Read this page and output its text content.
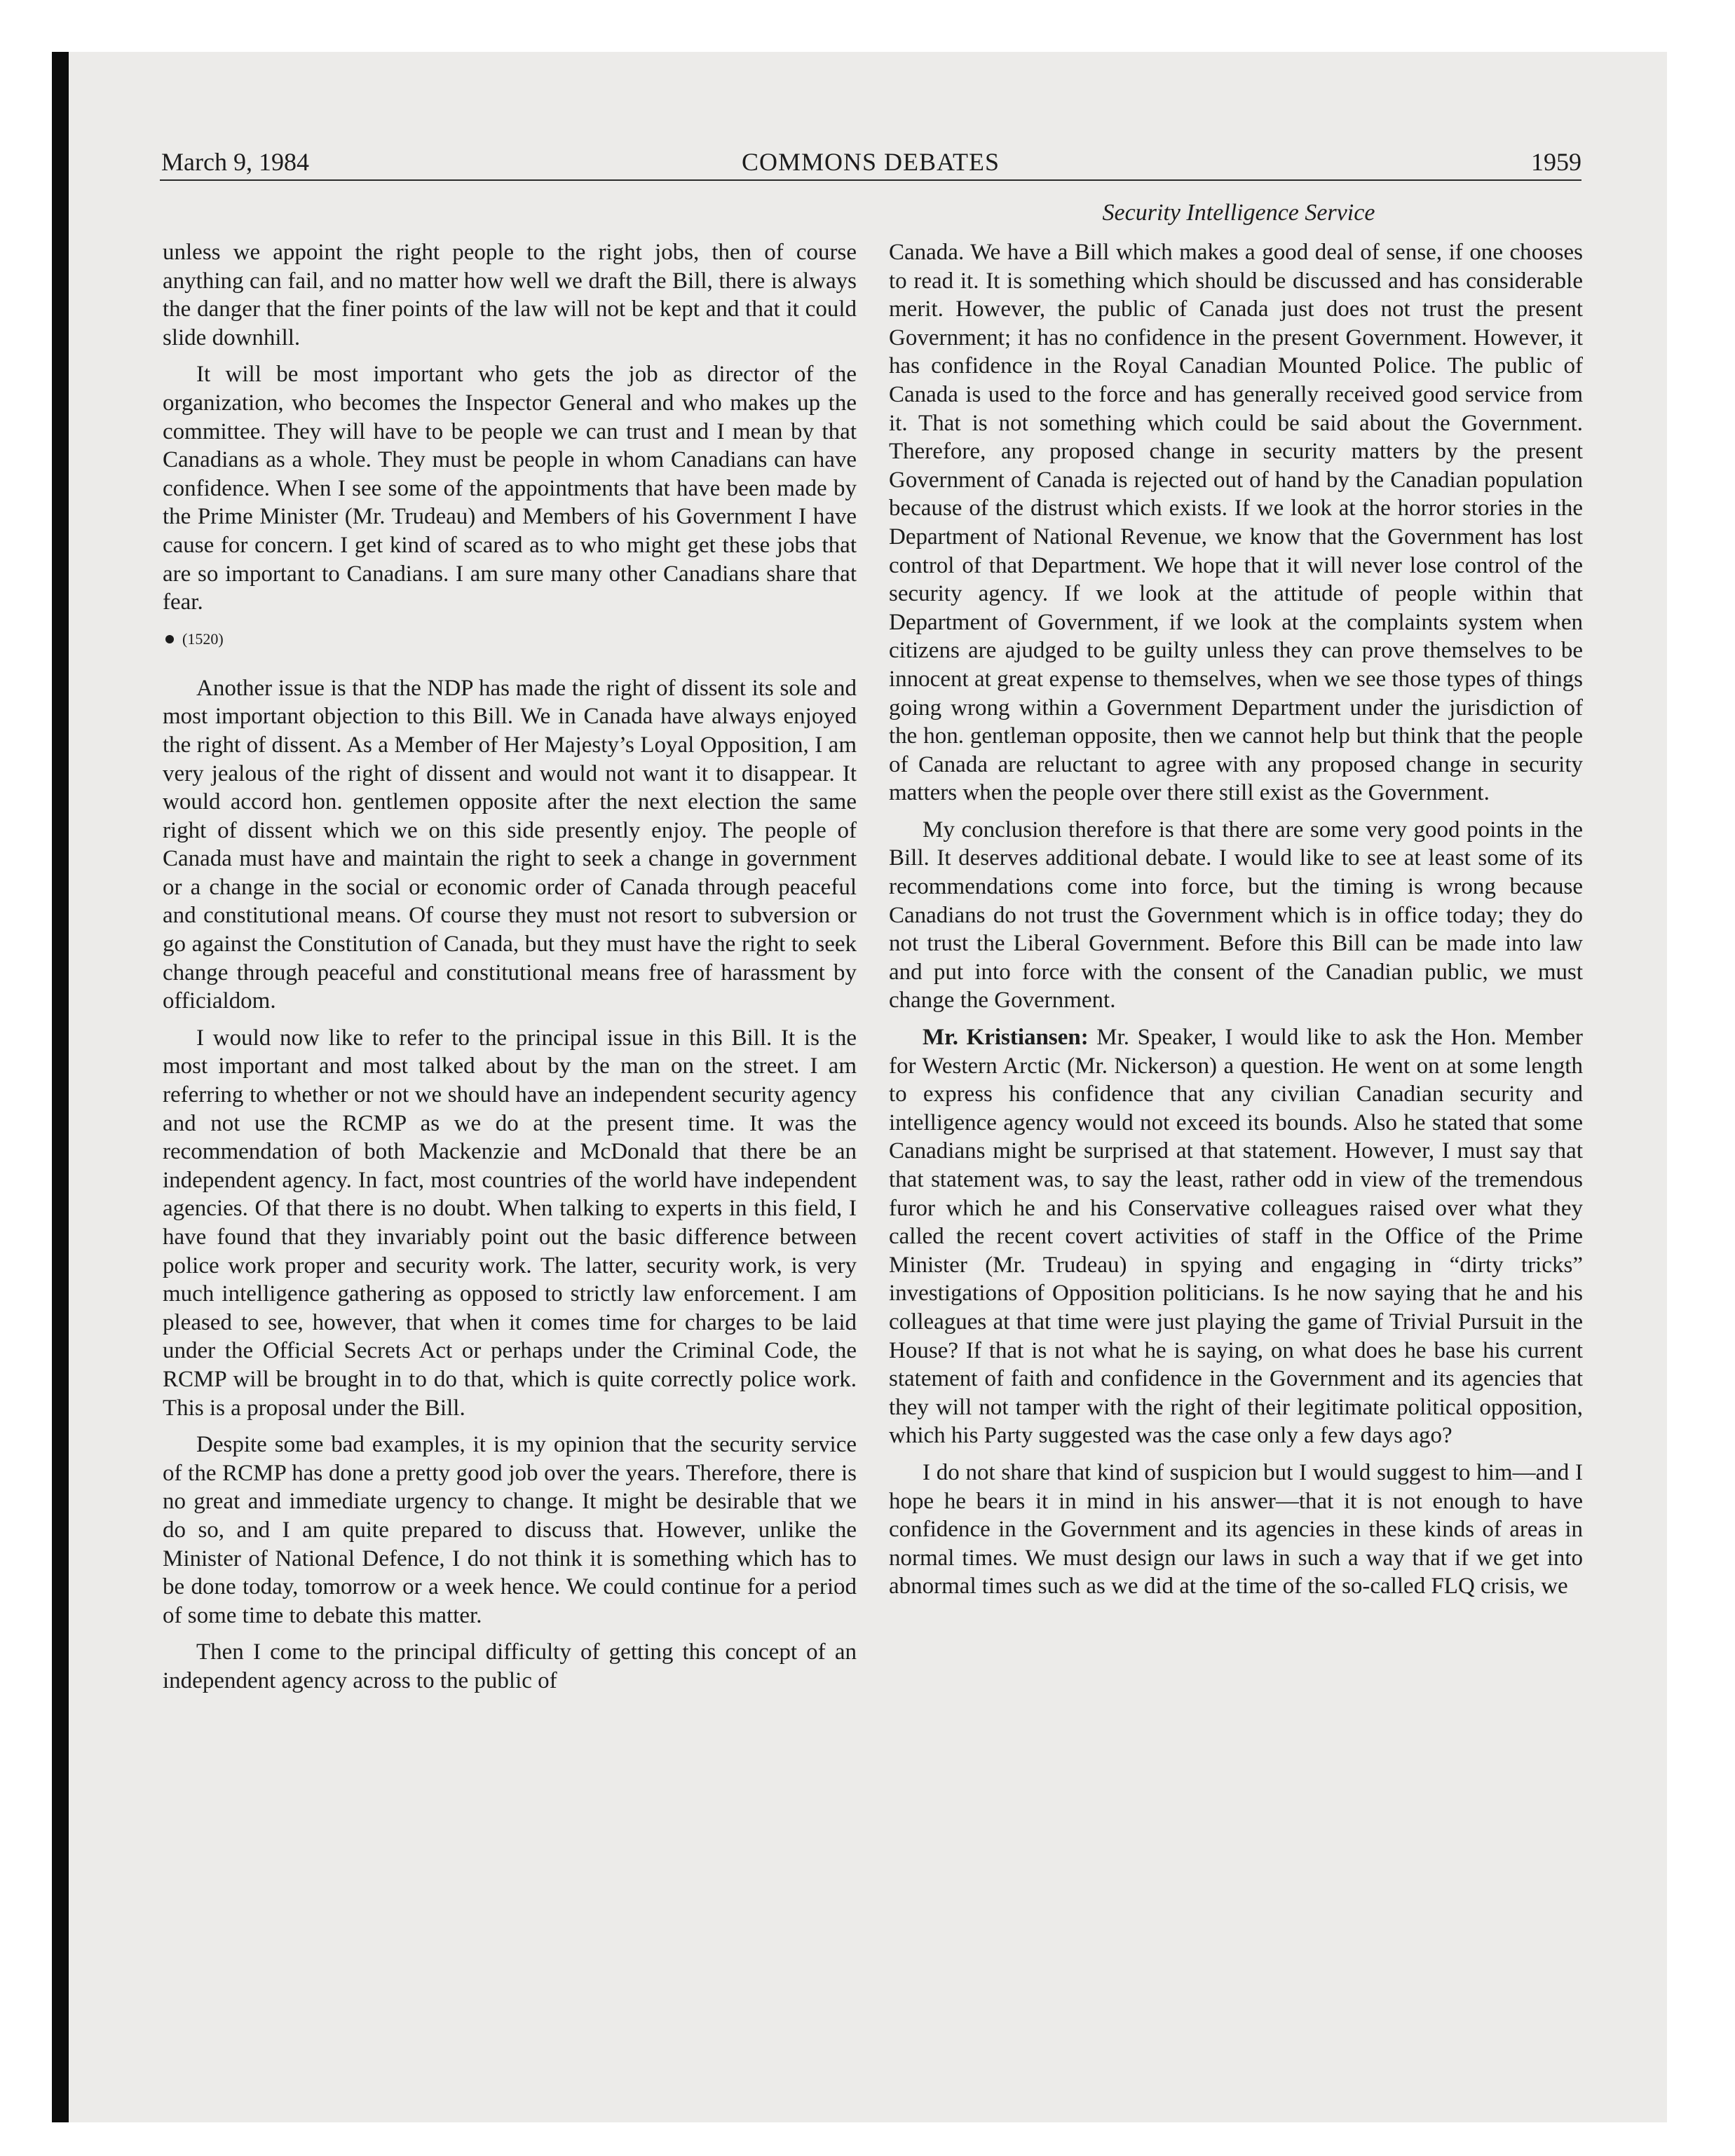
March 9, 1984	COMMONS DEBATES	1959
Security Intelligence Service

unless we appoint the right people to the right jobs, then of course anything can fail, and no matter how well we draft the Bill, there is always the danger that the finer points of the law will not be kept and that it could slide downhill.

It will be most important who gets the job as director of the organization, who becomes the Inspector General and who makes up the committee. They will have to be people we can trust and I mean by that Canadians as a whole. They must be people in whom Canadians can have confidence. When I see some of the appointments that have been made by the Prime Minister (Mr. Trudeau) and Members of his Government I have cause for concern. I get kind of scared as to who might get these jobs that are so important to Canadians. I am sure many other Canadians share that fear.

(1520)

Another issue is that the NDP has made the right of dissent its sole and most important objection to this Bill. We in Canada have always enjoyed the right of dissent. As a Member of Her Majesty’s Loyal Opposition, I am very jealous of the right of dissent and would not want it to disappear. It would accord hon. gentlemen opposite after the next election the same right of dissent which we on this side presently enjoy. The people of Canada must have and maintain the right to seek a change in government or a change in the social or economic order of Canada through peaceful and constitutional means. Of course they must not resort to subversion or go against the Constitution of Canada, but they must have the right to seek change through peaceful and constitutional means free of harassment by officialdom.

I would now like to refer to the principal issue in this Bill. It is the most important and most talked about by the man on the street. I am referring to whether or not we should have an independent security agency and not use the RCMP as we do at the present time. It was the recommendation of both Mackenzie and McDonald that there be an independent agency. In fact, most countries of the world have independent agencies. Of that there is no doubt. When talking to experts in this field, I have found that they invariably point out the basic difference between police work proper and security work. The latter, security work, is very much intelligence gathering as opposed to strictly law enforcement. I am pleased to see, however, that when it comes time for charges to be laid under the Official Secrets Act or perhaps under the Criminal Code, the RCMP will be brought in to do that, which is quite correctly police work. This is a proposal under the Bill.

Despite some bad examples, it is my opinion that the security service of the RCMP has done a pretty good job over the years. Therefore, there is no great and immediate urgency to change. It might be desirable that we do so, and I am quite prepared to discuss that. However, unlike the Minister of National Defence, I do not think it is something which has to be done today, tomorrow or a week hence. We could continue for a period of some time to debate this matter.

Then I come to the principal difficulty of getting this concept of an independent agency across to the public of

Canada. We have a Bill which makes a good deal of sense, if one chooses to read it. It is something which should be discussed and has considerable merit. However, the public of Canada just does not trust the present Government; it has no confidence in the present Government. However, it has confidence in the Royal Canadian Mounted Police. The public of Canada is used to the force and has generally received good service from it. That is not something which could be said about the Government. Therefore, any proposed change in security matters by the present Government of Canada is rejected out of hand by the Canadian population because of the distrust which exists. If we look at the horror stories in the Department of National Revenue, we know that the Government has lost control of that Department. We hope that it will never lose control of the security agency. If we look at the attitude of people within that Department of Government, if we look at the complaints system when citizens are ajudged to be guilty unless they can prove themselves to be innocent at great expense to themselves, when we see those types of things going wrong within a Government Department under the jurisdiction of the hon. gentleman opposite, then we cannot help but think that the people of Canada are reluctant to agree with any proposed change in security matters when the people over there still exist as the Government.

My conclusion therefore is that there are some very good points in the Bill. It deserves additional debate. I would like to see at least some of its recommendations come into force, but the timing is wrong because Canadians do not trust the Government which is in office today; they do not trust the Liberal Government. Before this Bill can be made into law and put into force with the consent of the Canadian public, we must change the Government.

Mr. Kristiansen: Mr. Speaker, I would like to ask the Hon. Member for Western Arctic (Mr. Nickerson) a question. He went on at some length to express his confidence that any civilian Canadian security and intelligence agency would not exceed its bounds. Also he stated that some Canadians might be surprised at that statement. However, I must say that that statement was, to say the least, rather odd in view of the tremendous furor which he and his Conservative colleagues raised over what they called the recent covert activities of staff in the Office of the Prime Minister (Mr. Trudeau) in spying and engaging in “dirty tricks” investigations of Opposition politicians. Is he now saying that he and his colleagues at that time were just playing the game of Trivial Pursuit in the House? If that is not what he is saying, on what does he base his current statement of faith and confidence in the Government and its agencies that they will not tamper with the right of their legitimate political opposition, which his Party suggested was the case only a few days ago?

I do not share that kind of suspicion but I would suggest to him—and I hope he bears it in mind in his answer—that it is not enough to have confidence in the Government and its agencies in these kinds of areas in normal times. We must design our laws in such a way that if we get into abnormal times such as we did at the time of the so-called FLQ crisis, we
